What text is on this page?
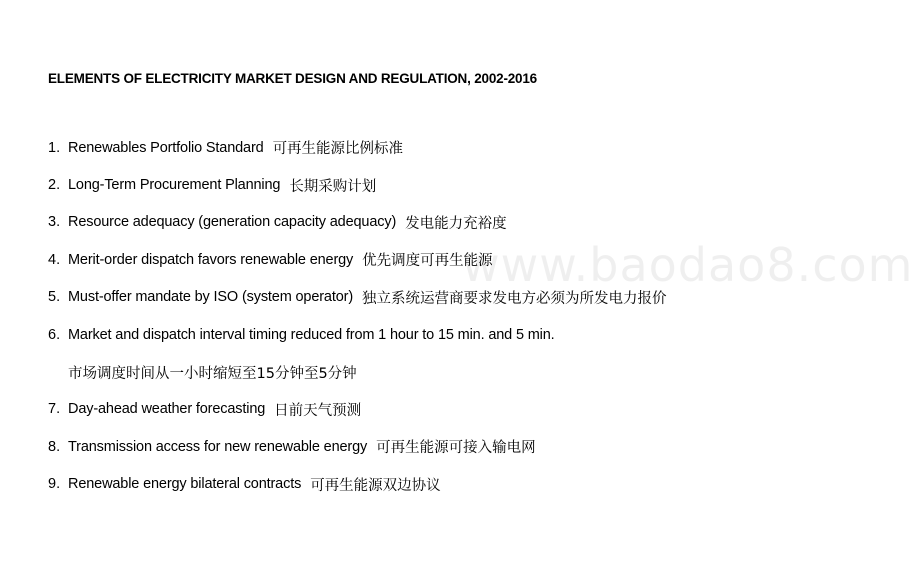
www.baodao8.com
ELEMENTS OF ELECTRICITY MARKET DESIGN AND REGULATION, 2002-2016
1. Renewables Portfolio Standard 可再生能源比例标准
2. Long-Term Procurement Planning 长期采购计划
3. Resource adequacy (generation capacity adequacy) 发电能力充裕度
4. Merit-order dispatch favors renewable energy 优先调度可再生能源
5. Must-offer mandate by ISO (system operator) 独立系统运营商要求发电方必须为所发电力报价
6. Market and dispatch interval timing reduced from 1 hour to 15 min. and 5 min.
市场调度时间从一小时缩短至15分钟至5分钟
7. Day-ahead weather forecasting 日前天气预测
8. Transmission access for new renewable energy 可再生能源可接入输电网
9. Renewable energy bilateral contracts 可再生能源双边协议
